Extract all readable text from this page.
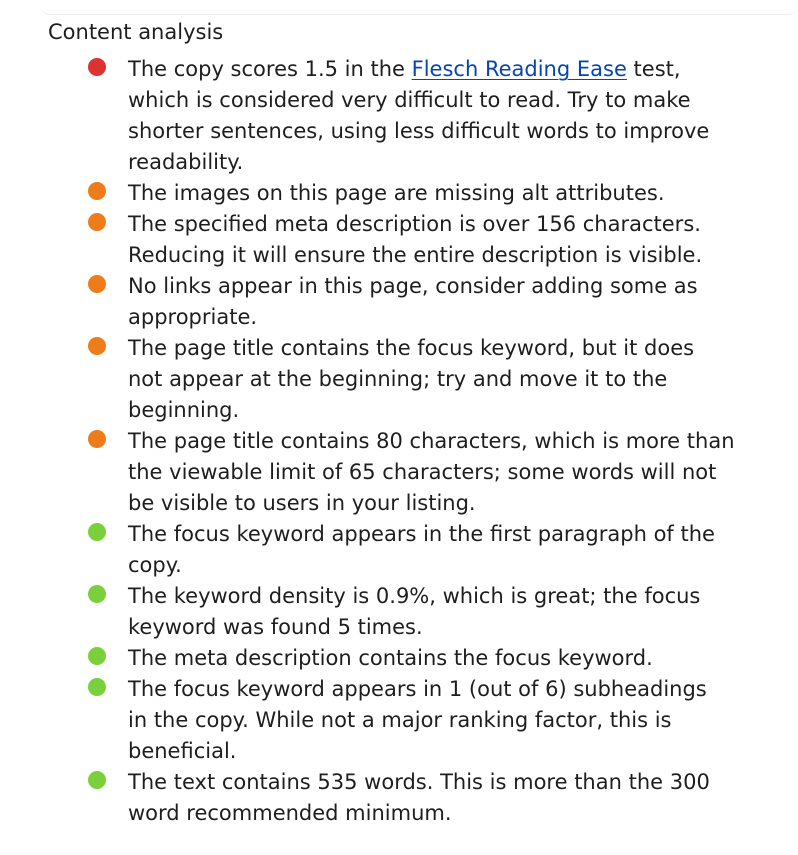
Content analysis
The copy scores 1.5 in the Flesch Reading Ease test,
which is considered very difficult to read. Try to make
shorter sentences, using less difficult words to improve
readability.
The images on this page are missing alt attributes.
The specified meta description is over 156 characters.
Reducing it will ensure the entire description is visible.
No links appear in this page, consider adding some as
appropriate.
The page title contains the focus keyword, but it does
not appear at the beginning; try and move it to the
beginning.
The page title contains 80 characters, which is more than
the viewable limit of 65 characters; some words will not
be visible to users in your listing.
The focus keyword appears in the first paragraph of the
copy.
The keyword density is 0.9%, which is great; the focus
keyword was found 5 times.
The meta description contains the focus keyword.
The focus keyword appears in 1 (out of 6) subheadings
in the copy. While not a major ranking factor, this is
beneficial.
The text contains 535 words. This is more than the 300
word recommended minimum.
